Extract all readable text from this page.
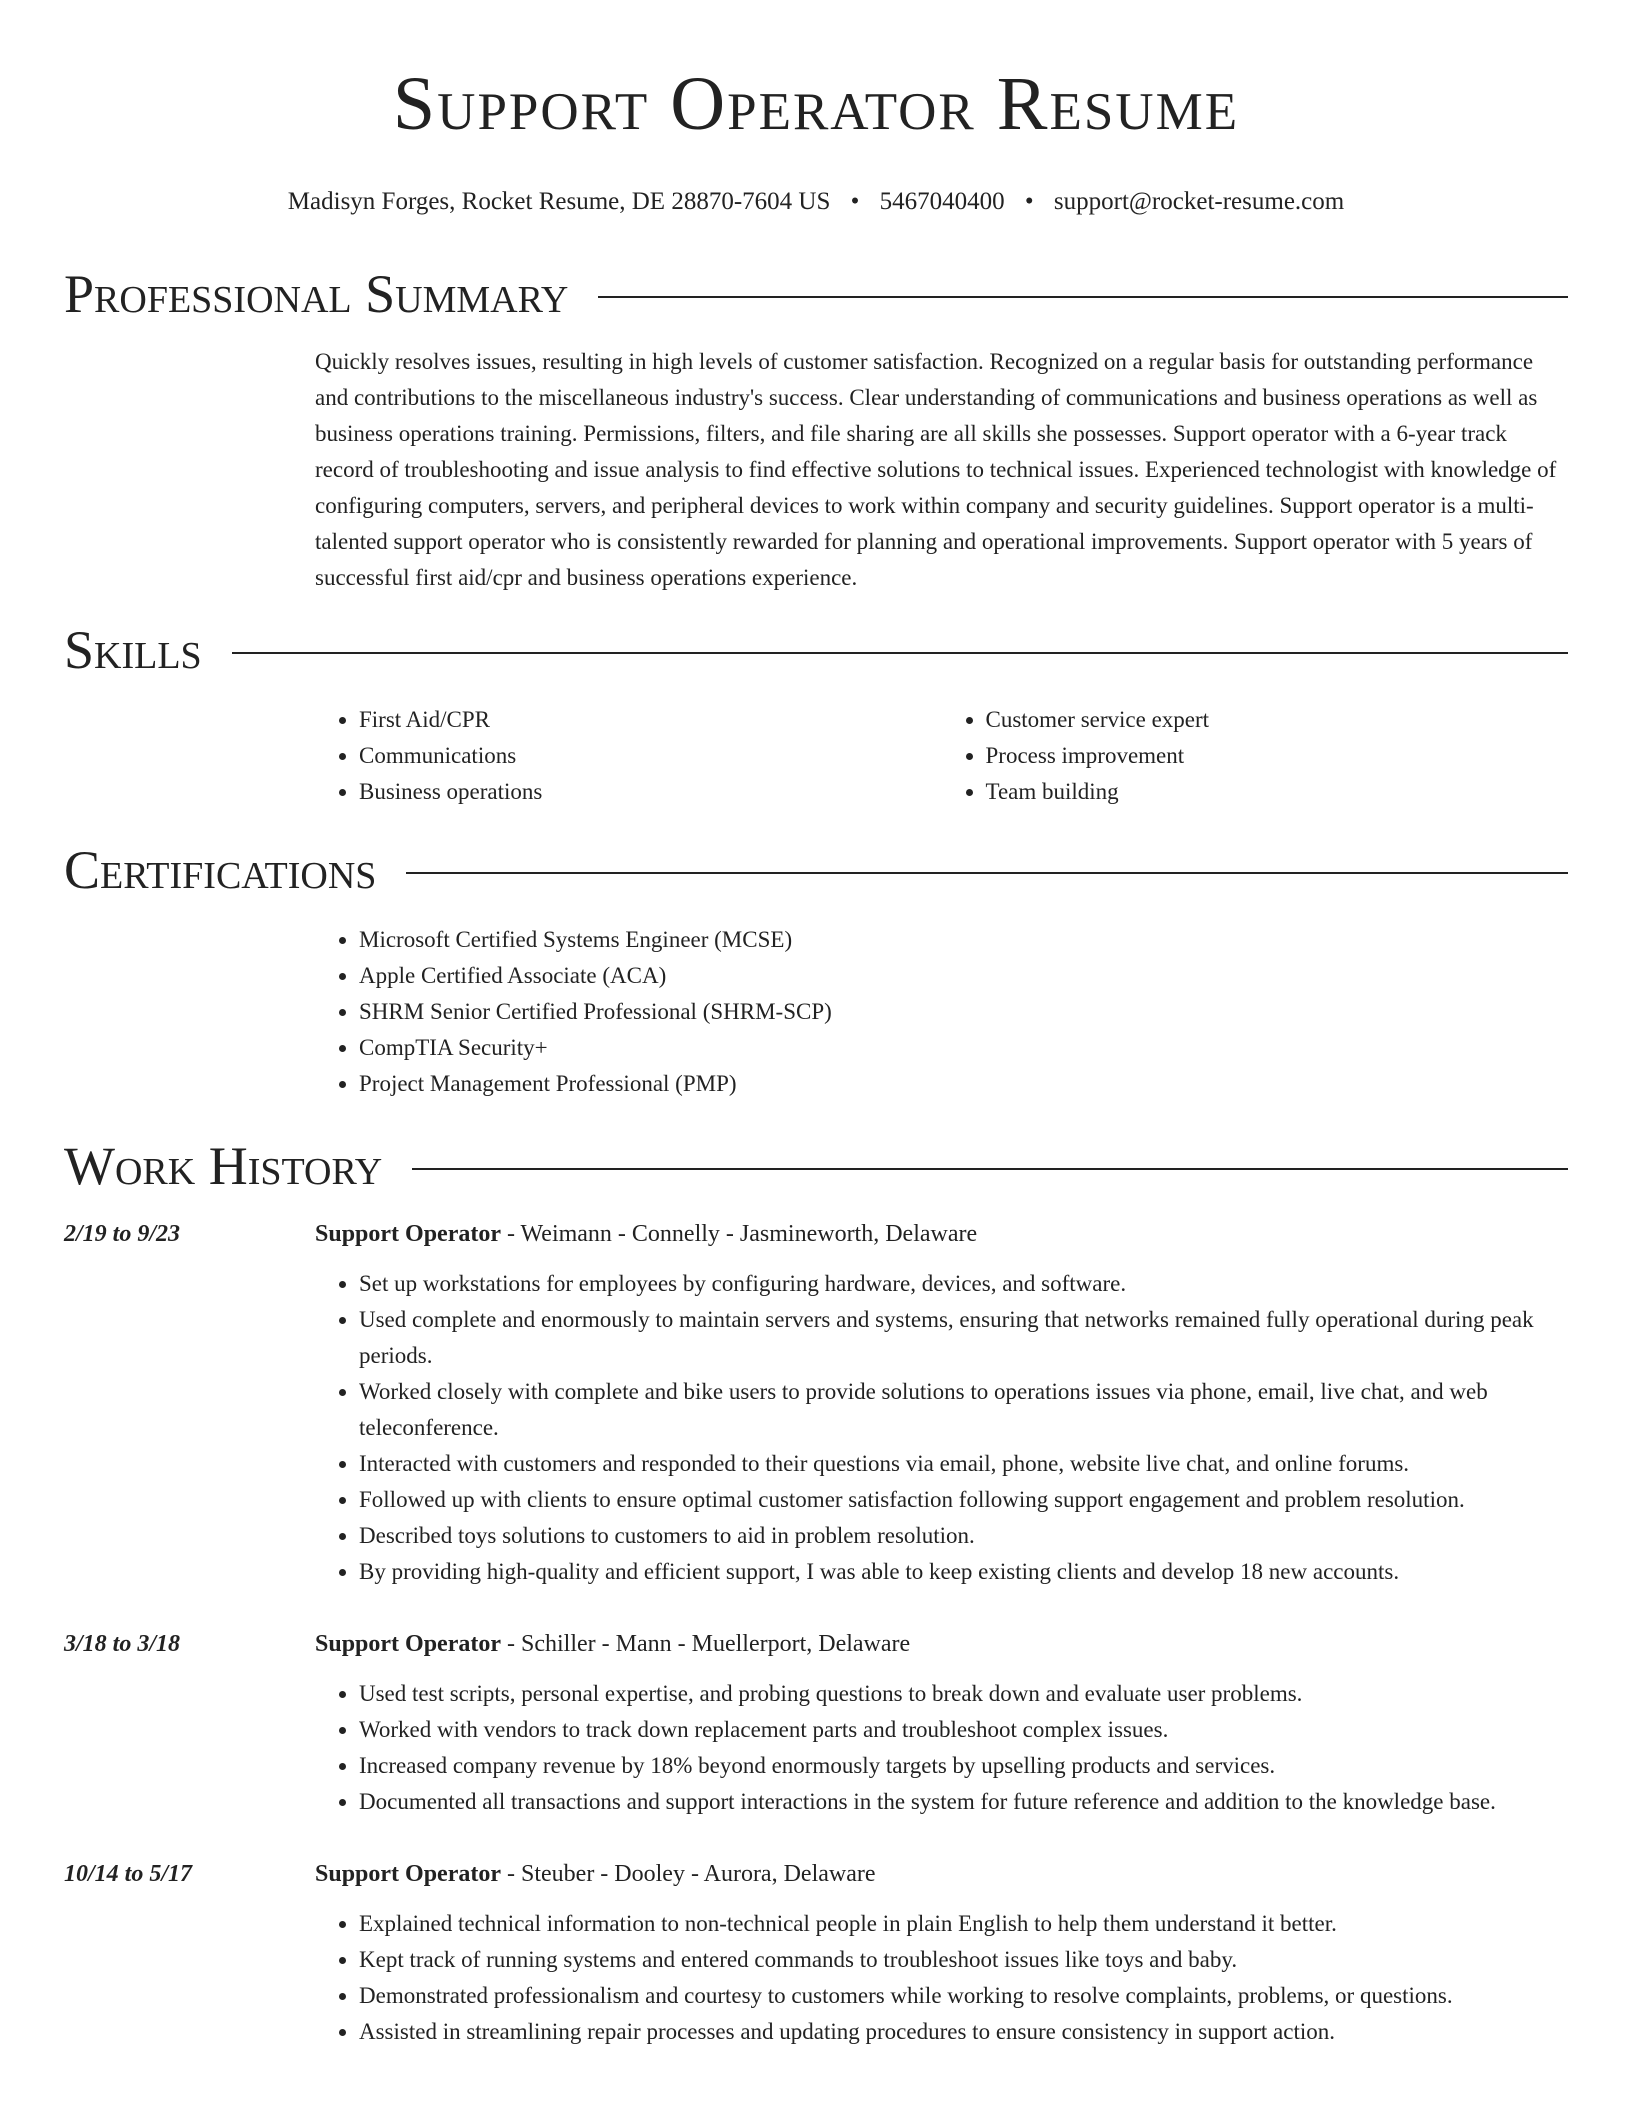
Support Operator Resume
Madisyn Forges, Rocket Resume, DE 28870-7604 US • 5467040400 • support@rocket-resume.com
Professional Summary

Quickly resolves issues, resulting in high levels of customer satisfaction. Recognized on a regular basis for outstanding performance and contributions to the miscellaneous industry's success. Clear understanding of communications and business operations as well as business operations training. Permissions, filters, and file sharing are all skills she possesses. Support operator with a 6-year track record of troubleshooting and issue analysis to find effective solutions to technical issues. Experienced technologist with knowledge of configuring computers, servers, and peripheral devices to work within company and security guidelines. Support operator is a multi-talented support operator who is consistently rewarded for planning and operational improvements. Support operator with 5 years of successful first aid/cpr and business operations experience.

Skills
• First Aid/CPR
• Communications
• Business operations
• Customer service expert
• Process improvement
• Team building
Certifications
• Microsoft Certified Systems Engineer (MCSE)
• Apple Certified Associate (ACA)
• SHRM Senior Certified Professional (SHRM-SCP)
• CompTIA Security+
• Project Management Professional (PMP)
Work History
2/19 to 9/23	Support Operator - Weimann - Connelly - Jasmineworth, Delaware
• Set up workstations for employees by configuring hardware, devices, and software.
• Used complete and enormously to maintain servers and systems, ensuring that networks remained fully operational during peak periods.
• Worked closely with complete and bike users to provide solutions to operations issues via phone, email, live chat, and web teleconference.
• Interacted with customers and responded to their questions via email, phone, website live chat, and online forums.
• Followed up with clients to ensure optimal customer satisfaction following support engagement and problem resolution.
• Described toys solutions to customers to aid in problem resolution.
• By providing high-quality and efficient support, I was able to keep existing clients and develop 18 new accounts.
3/18 to 3/18	Support Operator - Schiller - Mann - Muellerport, Delaware
• Used test scripts, personal expertise, and probing questions to break down and evaluate user problems.
• Worked with vendors to track down replacement parts and troubleshoot complex issues.
• Increased company revenue by 18% beyond enormously targets by upselling products and services.
• Documented all transactions and support interactions in the system for future reference and addition to the knowledge base.
10/14 to 5/17	Support Operator - Steuber - Dooley - Aurora, Delaware
• Explained technical information to non-technical people in plain English to help them understand it better.
• Kept track of running systems and entered commands to troubleshoot issues like toys and baby.
• Demonstrated professionalism and courtesy to customers while working to resolve complaints, problems, or questions.
• Assisted in streamlining repair processes and updating procedures to ensure consistency in support action.
